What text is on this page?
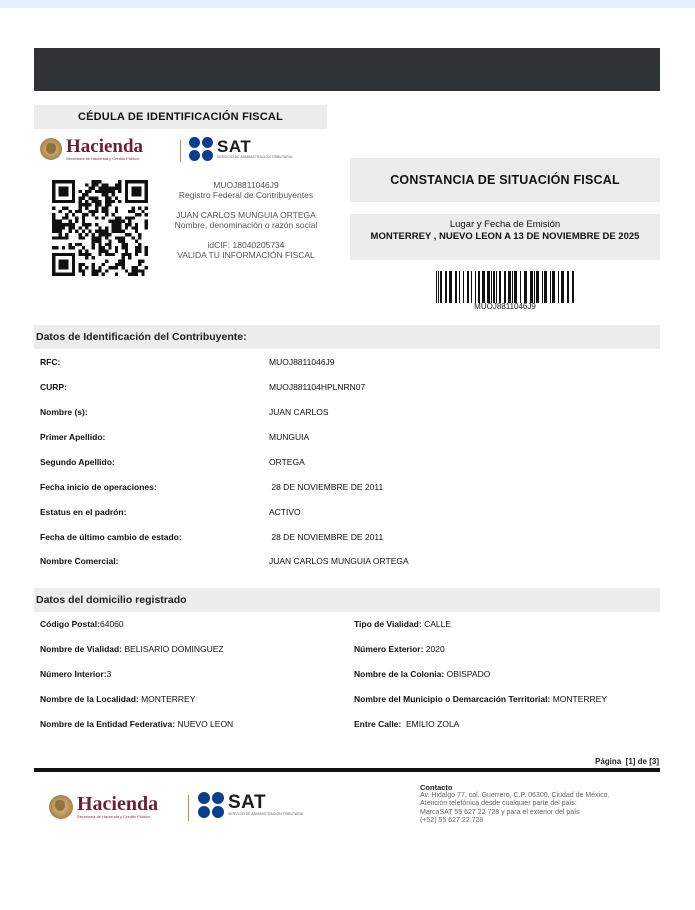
CÉDULA DE IDENTIFICACIÓN FISCAL
Hacienda
Secretaría de Hacienda y Crédito Público
SAT
SERVICIO DE ADMINISTRACIÓN TRIBUTARIA
MUOJ8811046J9
Registro Federal de Contribuyentes
JUAN CARLOS MUNGUIA ORTEGA
Nombre, denominación o razón social
idCIF: 18040205734
VALIDA TU INFORMACIÓN FISCAL
CONSTANCIA DE SITUACIÓN FISCAL
Lugar y Fecha de Emisión
MONTERREY , NUEVO LEON A 13 DE NOVIEMBRE DE 2025
MUOJ8811046J9
Datos de Identificación del Contribuyente:
RFC:	MUOJ8811046J9
CURP:	MUOJ881104HPLNRN07
Nombre (s):	JUAN CARLOS
Primer Apellido:	MUNGUIA
Segundo Apellido:	ORTEGA
Fecha inicio de operaciones:	28 DE NOVIEMBRE DE 2011
Estatus en el padrón:	ACTIVO
Fecha de último cambio de estado:	28 DE NOVIEMBRE DE 2011
Nombre Comercial:	JUAN CARLOS MUNGUIA ORTEGA
Datos del domicilio registrado
Código Postal:64060
Nombre de Vialidad: BELISARIO DOMINGUEZ
Número Interior:3
Nombre de la Localidad: MONTERREY
Nombre de la Entidad Federativa: NUEVO LEON
Tipo de Vialidad: CALLE
Número Exterior: 2020
Nombre de la Colonia: OBISPADO
Nombre del Municipio o Demarcación Territorial: MONTERREY
Entre Calle:  EMILIO ZOLA
Página  [1] de [3]
Hacienda
Secretaría de Hacienda y Crédito Público
SAT
SERVICIO DE ADMINISTRACIÓN TRIBUTARIA
Contacto
Av. Hidalgo 77, col. Guerrero, C.P. 06300, Ciudad de México.
Atención telefónica desde cualquier parte del país:
MarcaSAT 55 627 22 728 y para el exterior del país
(+52) 55 627 22 728
